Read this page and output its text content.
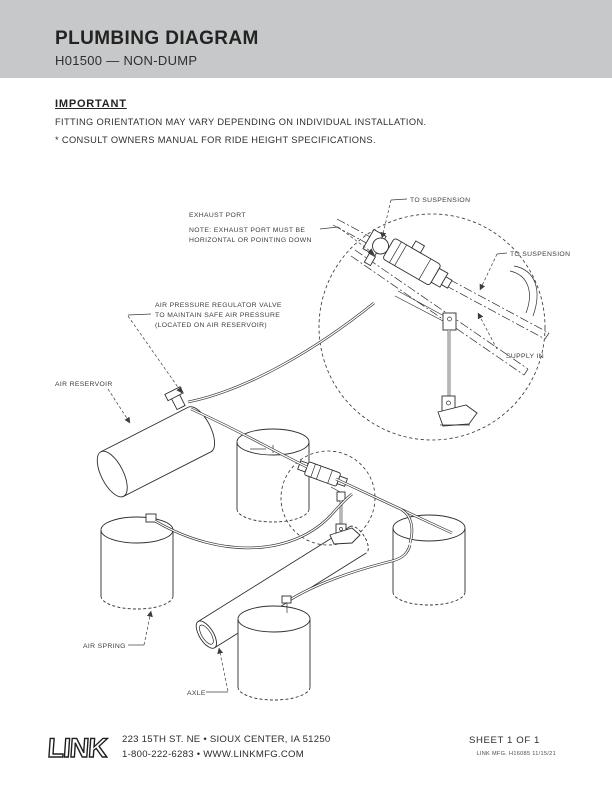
PLUMBING DIAGRAM
H01500 — NON-DUMP
IMPORTANT
FITTING ORIENTATION MAY VARY DEPENDING ON INDIVIDUAL INSTALLATION.
* CONSULT OWNERS MANUAL FOR RIDE HEIGHT SPECIFICATIONS.
EXHAUST PORT
NOTE: EXHAUST PORT MUST BE
HORIZONTAL OR POINTING DOWN
TO SUSPENSION
TO SUSPENSION
SUPPLY IN
AIR PRESSURE REGULATOR VALVE
TO MAINTAIN SAFE AIR PRESSURE
(LOCATED ON AIR RESERVOIR)
AIR RESERVOIR
AIR SPRING
AXLE
LINK 223 15TH ST. NE • SIOUX CENTER, IA 51250
1-800-222-6283 • WWW.LINKMFG.COM
SHEET 1 OF 1
LINK MFG. H16085 11/15/21
